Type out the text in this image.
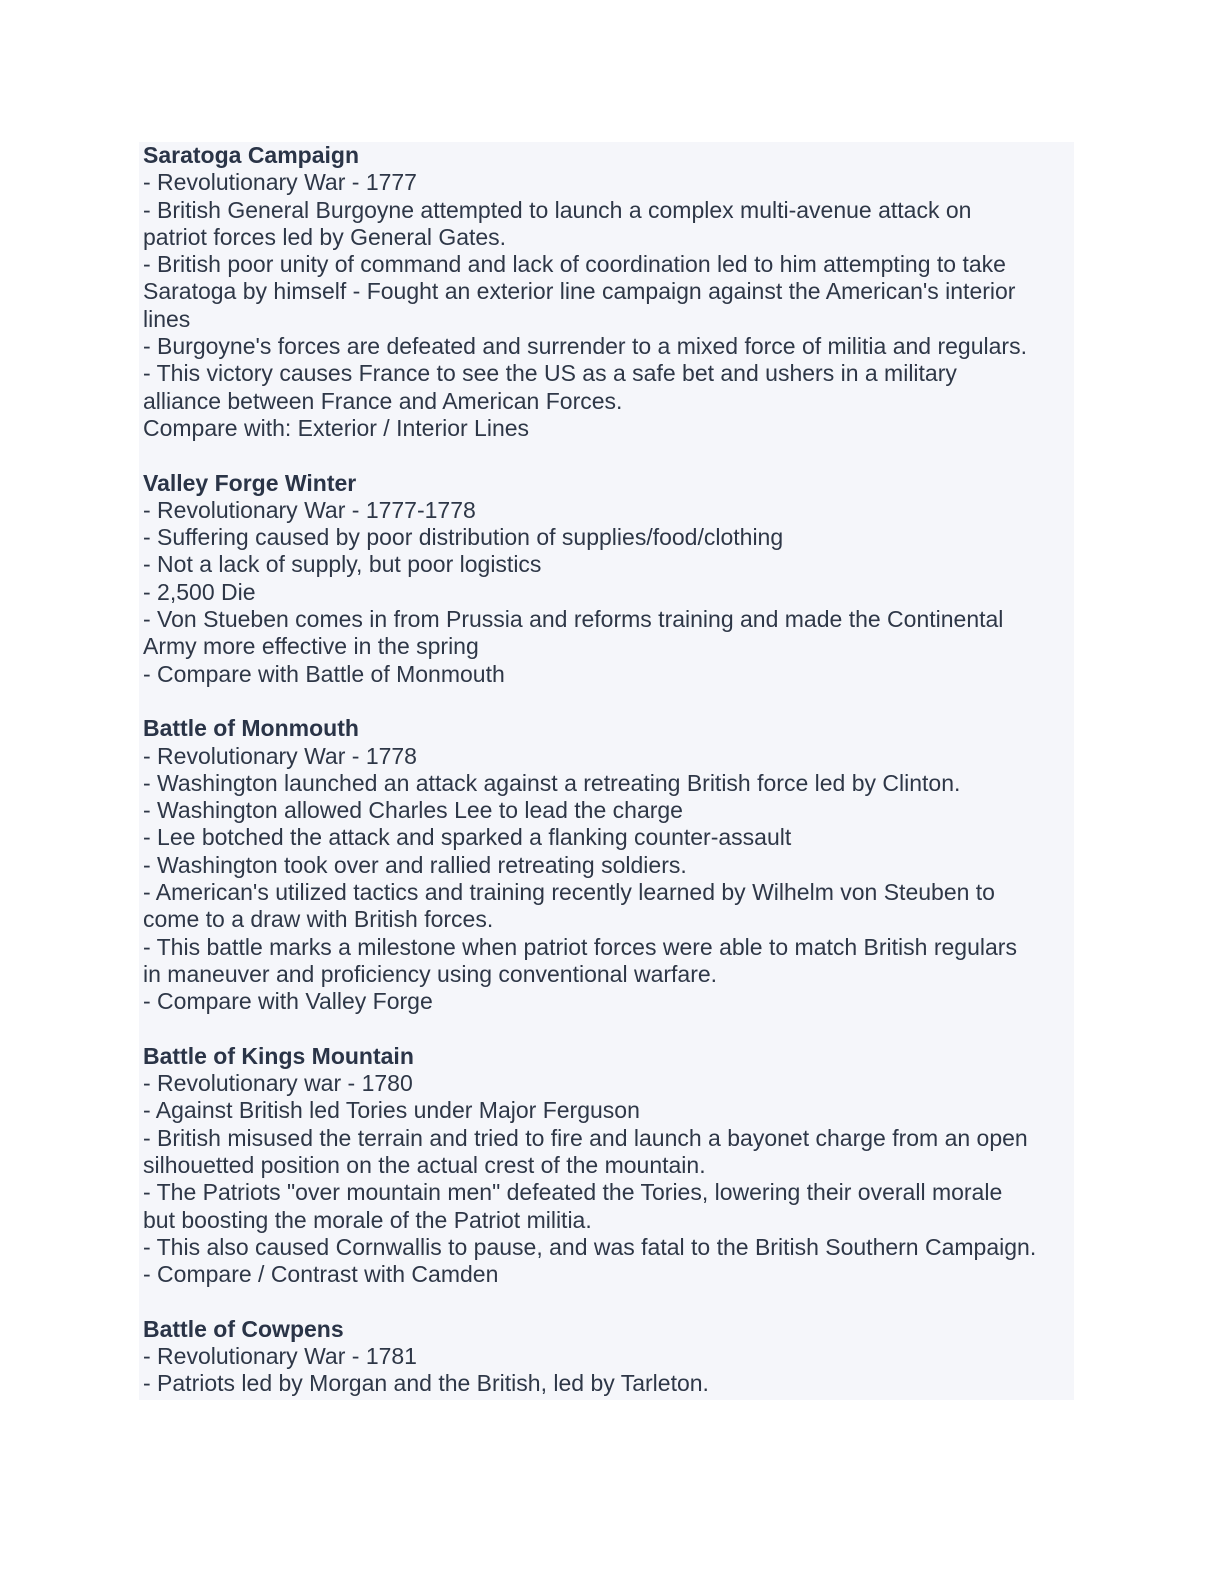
Saratoga Campaign
- Revolutionary War - 1777
- British General Burgoyne attempted to launch a complex multi-avenue attack on
patriot forces led by General Gates.
- British poor unity of command and lack of coordination led to him attempting to take
Saratoga by himself - Fought an exterior line campaign against the American's interior
lines
- Burgoyne's forces are defeated and surrender to a mixed force of militia and regulars.
- This victory causes France to see the US as a safe bet and ushers in a military
alliance between France and American Forces.
Compare with: Exterior / Interior Lines
Valley Forge Winter
- Revolutionary War - 1777-1778
- Suffering caused by poor distribution of supplies/food/clothing
- Not a lack of supply, but poor logistics
- 2,500 Die
- Von Stueben comes in from Prussia and reforms training and made the Continental
Army more effective in the spring
- Compare with Battle of Monmouth
Battle of Monmouth
- Revolutionary War - 1778
- Washington launched an attack against a retreating British force led by Clinton.
- Washington allowed Charles Lee to lead the charge
- Lee botched the attack and sparked a flanking counter-assault
- Washington took over and rallied retreating soldiers.
- American's utilized tactics and training recently learned by Wilhelm von Steuben to
come to a draw with British forces.
- This battle marks a milestone when patriot forces were able to match British regulars
in maneuver and proficiency using conventional warfare.
- Compare with Valley Forge
Battle of Kings Mountain
- Revolutionary war - 1780
- Against British led Tories under Major Ferguson
- British misused the terrain and tried to fire and launch a bayonet charge from an open
silhouetted position on the actual crest of the mountain.
- The Patriots "over mountain men" defeated the Tories, lowering their overall morale
but boosting the morale of the Patriot militia.
- This also caused Cornwallis to pause, and was fatal to the British Southern Campaign.
- Compare / Contrast with Camden
Battle of Cowpens
- Revolutionary War - 1781
- Patriots led by Morgan and the British, led by Tarleton.
